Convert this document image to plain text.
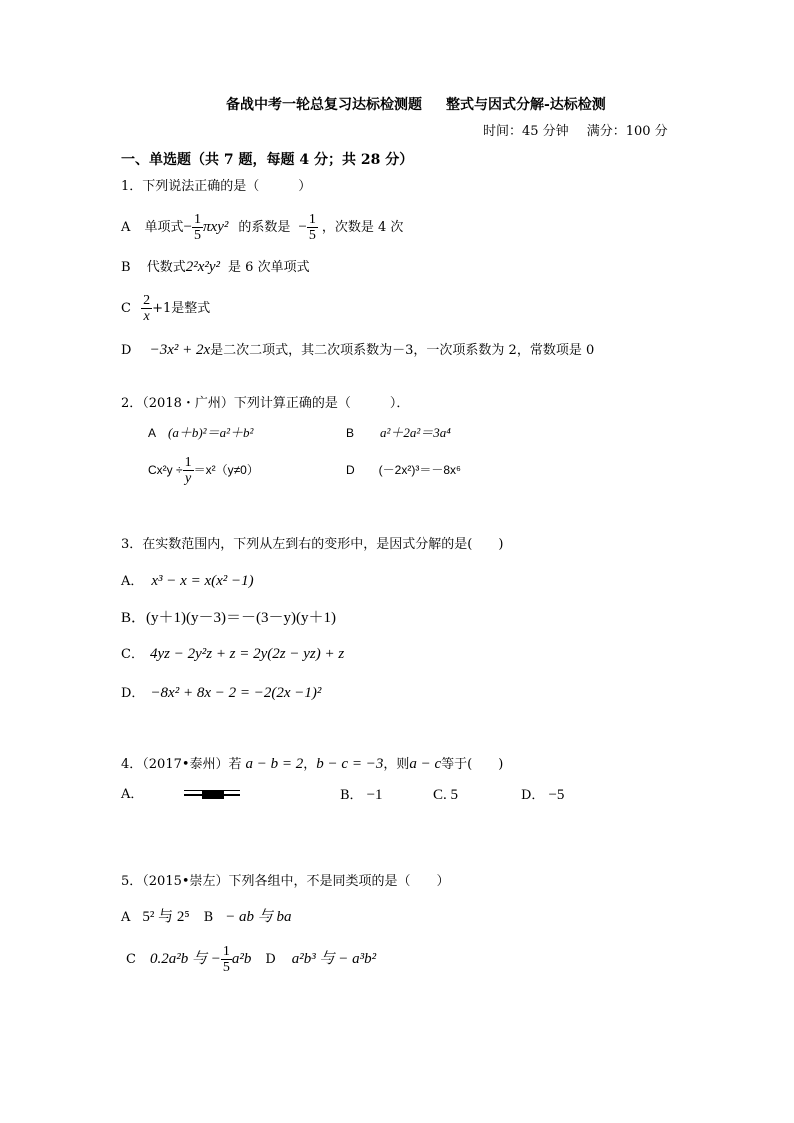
备战中考一轮总复习达标检测题 整式与因式分解-达标检测
时间：45 分钟 满分：100 分
一、单选题（共 7 题，每题 4 分；共 28 分）
1．下列说法正确的是（　　　）
A 单项式− $\frac{1}{5} \pi xy^2$ 的系数是 − $\frac{1}{5}$ ，次数是 4 次
B 代数式2²x²y² 是 6 次单项式
C $\frac{2}{x} +1$是整式
D −3x² + 2x是二次二项式，其二次项系数为－3，一次项系数为 2，常数项是 0
2．（2018・广州）下列计算正确的是（　　　）．
A (a＋b)²＝a²＋b²	B a²＋2a²＝3a⁴
$Cx^2y \div \frac{1}{y} =x^2(y\ne 0)$	D (－2x²)³＝－8x⁶
3．在实数范围内，下列从左到右的变形中，是因式分解的是(　　)
A． x³ − x = x(x² −1)
B．(y＋1)(y－3)＝－(3－y)(y＋1)
C． 4yz − 2y²z + z = 2y(2z − yz) + z
D． −8x² + 8x − 2 = −2(2x −1)²
4．（2017•泰州）若 a − b = 2，b − c = −3，则a − c等于(　　)
A．	B． −1	C. 5	D． −5
5．（2015•崇左）下列各组中，不是同类项的是（　　）
A 5² 与 2⁵ B − ab 与 ba
C 0.2a²b 与 − $\frac{1}{5} a^2b$ D a²b³ 与 − a³b²
